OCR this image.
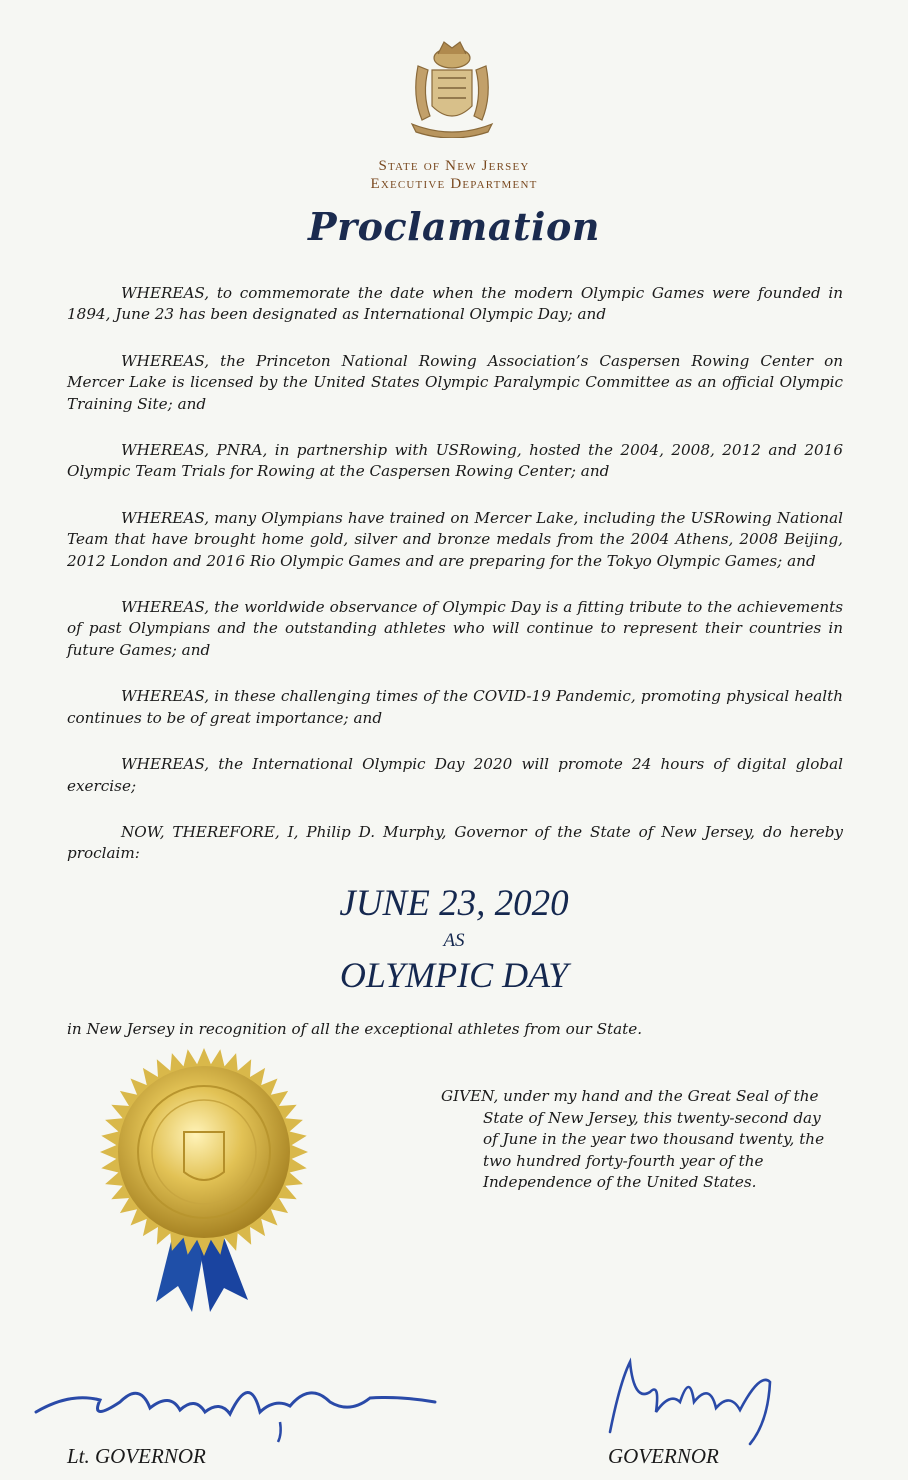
State of New Jersey
Executive Department
Proclamation

WHEREAS, to commemorate the date when the modern Olympic Games were founded in 1894, June 23 has been designated as International Olympic Day; and

WHEREAS, the Princeton National Rowing Association’s Caspersen Rowing Center on Mercer Lake is licensed by the United States Olympic Paralympic Committee as an official Olympic Training Site; and

WHEREAS, PNRA, in partnership with USRowing, hosted the 2004, 2008, 2012 and 2016 Olympic Team Trials for Rowing at the Caspersen Rowing Center; and

WHEREAS, many Olympians have trained on Mercer Lake, including the USRowing National Team that have brought home gold, silver and bronze medals from the 2004 Athens, 2008 Beijing, 2012 London and 2016 Rio Olympic Games and are preparing for the Tokyo Olympic Games; and

WHEREAS, the worldwide observance of Olympic Day is a fitting tribute to the achievements of past Olympians and the outstanding athletes who will continue to represent their countries in future Games; and

WHEREAS, in these challenging times of the COVID-19 Pandemic, promoting physical health continues to be of great importance; and

WHEREAS, the International Olympic Day 2020 will promote 24 hours of digital global exercise;

NOW, THEREFORE, I, Philip D. Murphy, Governor of the State of New Jersey, do hereby proclaim:

JUNE 23, 2020
AS
OLYMPIC DAY
in New Jersey in recognition of all the exceptional athletes from our State.
GIVEN, under my hand and the Great Seal of the
State of New Jersey, this twenty-second day
of June in the year two thousand twenty, the
two hundred forty-fourth year of the
Independence of the United States.
Lt. GOVERNOR	GOVERNOR
